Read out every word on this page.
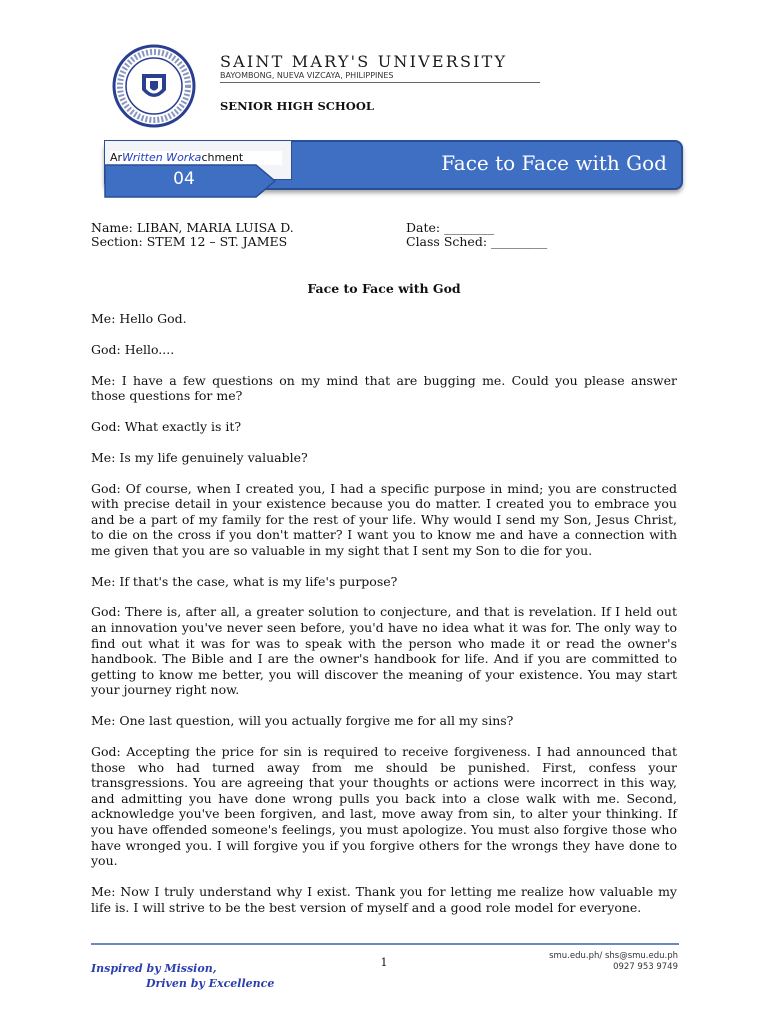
SAINT MARY'S UNIVERSITY
BAYOMBONG, NUEVA VIZCAYA, PHILIPPINES
SENIOR HIGH SCHOOL
Face to Face with God
ArWritten Workachment
04
Name: LIBAN, MARIA LUISA D.
Section: STEM 12 – ST. JAMES
Date: ________
Class Sched: _________
Face to Face with God

Me: Hello God.

God: Hello....

Me: I have a few questions on my mind that are bugging me. Could you please answer those questions for me?

God: What exactly is it?

Me: Is my life genuinely valuable?

God: Of course, when I created you, I had a specific purpose in mind; you are constructed with precise detail in your existence because you do matter. I created you to embrace you and be a part of my family for the rest of your life. Why would I send my Son, Jesus Christ, to die on the cross if you don't matter? I want you to know me and have a connection with me given that you are so valuable in my sight that I sent my Son to die for you.

Me: If that's the case, what is my life's purpose?

God: There is, after all, a greater solution to conjecture, and that is revelation. If I held out an innovation you've never seen before, you'd have no idea what it was for. The only way to find out what it was for was to speak with the person who made it or read the owner's handbook. The Bible and I are the owner's handbook for life. And if you are committed to getting to know me better, you will discover the meaning of your existence. You may start your journey right now.

Me: One last question, will you actually forgive me for all my sins?

God: Accepting the price for sin is required to receive forgiveness. I had announced that those who had turned away from me should be punished. First, confess your transgressions. You are agreeing that your thoughts or actions were incorrect in this way, and admitting you have done wrong pulls you back into a close walk with me. Second, acknowledge you've been forgiven, and last, move away from sin, to alter your thinking. If you have offended someone's feelings, you must apologize. You must also forgive those who have wronged you. I will forgive you if you forgive others for the wrongs they have done to you.

Me: Now I truly understand why I exist. Thank you for letting me realize how valuable my life is. I will strive to be the best version of myself and a good role model for everyone.

1	smu.edu.ph/ shs@smu.edu.ph
0927 953 9749
Inspired by Mission,
Driven by Excellence
